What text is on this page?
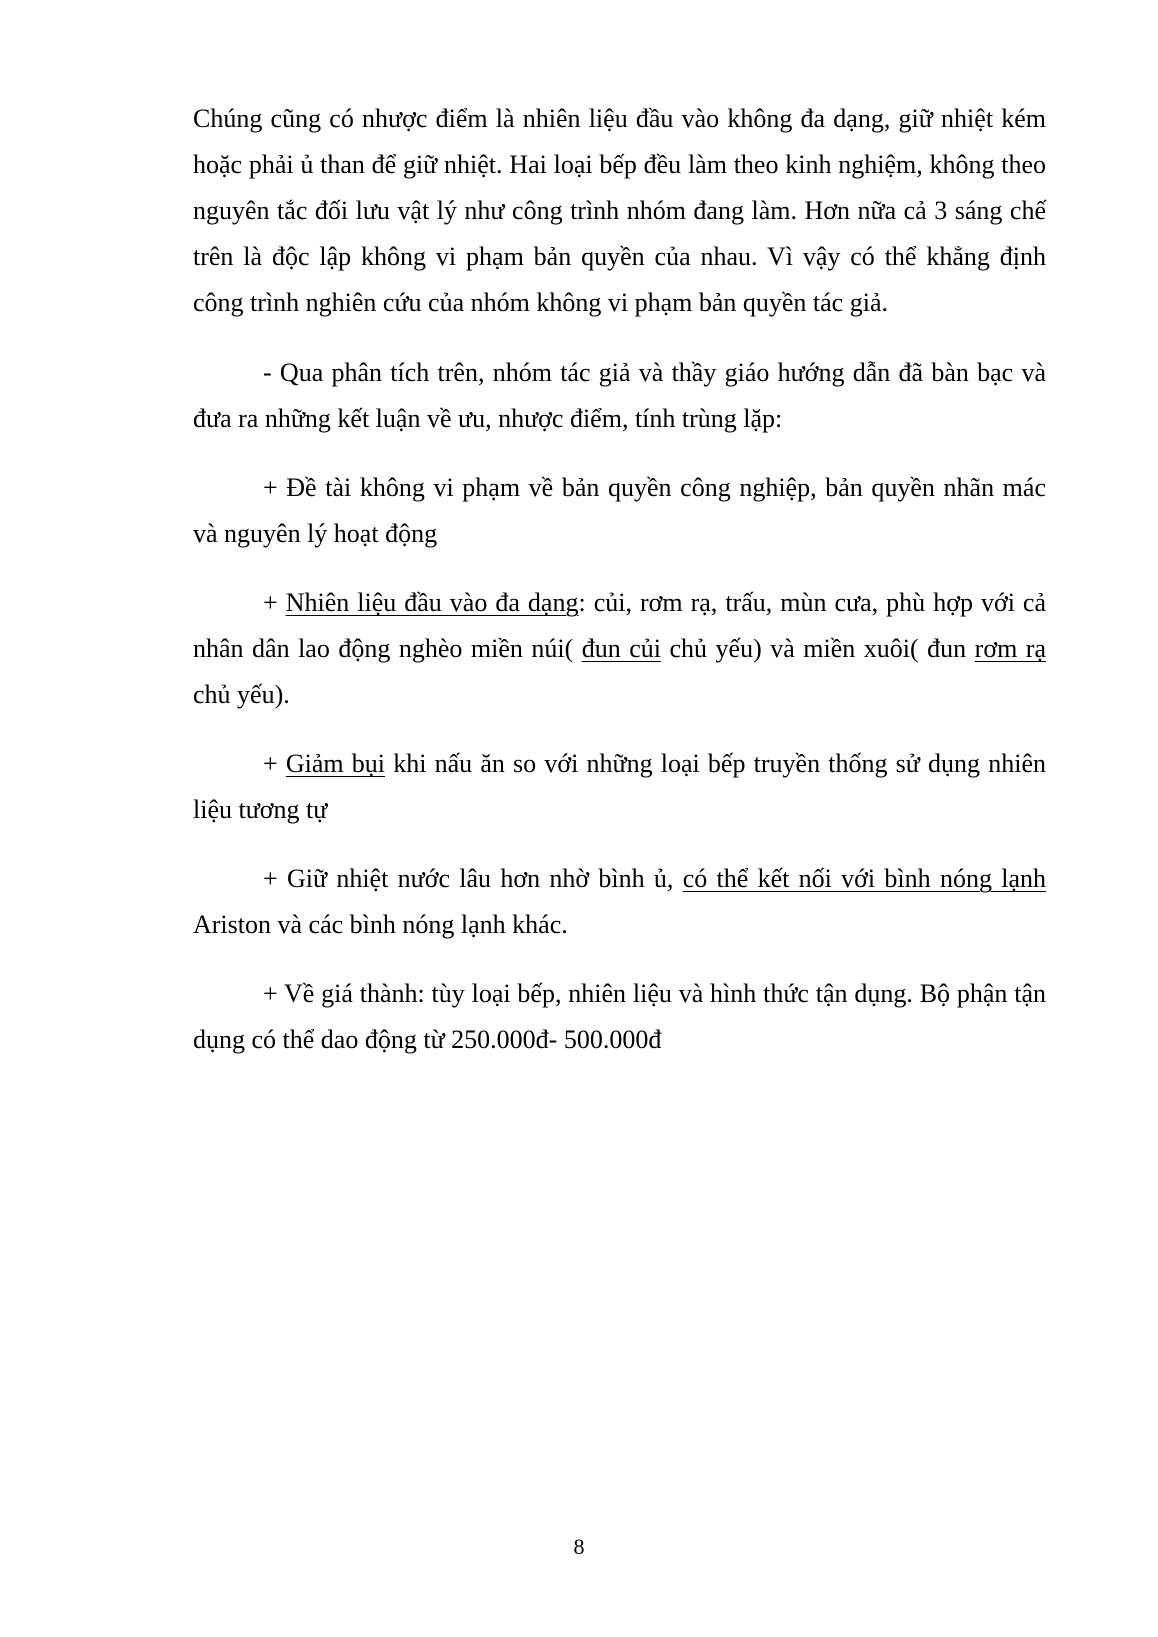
Chúng cũng có nhược điểm là nhiên liệu đầu vào không đa dạng, giữ nhiệt kém hoặc phải ủ than để giữ nhiệt. Hai loại bếp đều làm theo kinh nghiệm, không theo nguyên tắc đối lưu vật lý như công trình nhóm đang làm. Hơn nữa cả 3 sáng chế trên là độc lập không vi phạm bản quyền của nhau. Vì vậy có thể khẳng định công trình nghiên cứu của nhóm không vi phạm bản quyền tác giả.

- Qua phân tích trên, nhóm tác giả và thầy giáo hướng dẫn đã bàn bạc và đưa ra những kết luận về ưu, nhược điểm, tính trùng lặp:

+ Đề tài không vi phạm về bản quyền công nghiệp, bản quyền nhãn mác và nguyên lý hoạt động

+ Nhiên liệu đầu vào đa dạng: củi, rơm rạ, trấu, mùn cưa, phù hợp với cả nhân dân lao động nghèo miền núi( đun củi chủ yếu) và miền xuôi( đun rơm rạ chủ yếu).

+ Giảm bụi khi nấu ăn so với những loại bếp truyền thống sử dụng nhiên liệu tương tự

+ Giữ nhiệt nước lâu hơn nhờ bình ủ, có thể kết nối với bình nóng lạnh Ariston và các bình nóng lạnh khác.

+ Về giá thành: tùy loại bếp, nhiên liệu và hình thức tận dụng. Bộ phận tận dụng có thể dao động từ 250.000đ- 500.000đ

8
